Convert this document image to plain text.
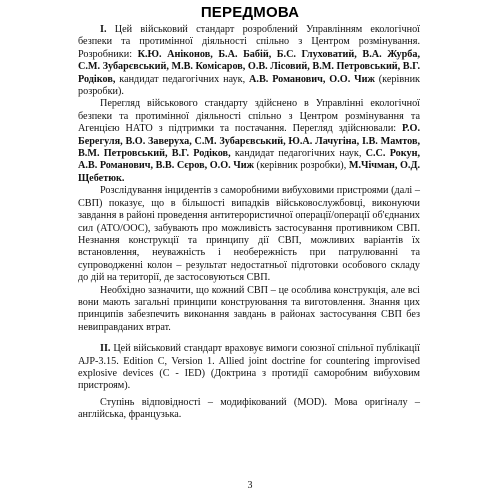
ПЕРЕДМОВА

I. Цей військовий стандарт розроблений Управлінням екологічної безпеки та протимінної діяльності спільно з Центром розмінування. Розробники: К.Ю. Аніконов, Б.А. Бабій, Б.С. Глуховатий, В.А. Журба, С.М. Зубарєвський, М.В. Комісаров, О.В. Лісовий, В.М. Петровський, В.Г. Родіков, кандидат педагогічних наук, А.В. Романович, О.О. Чиж (керівник розробки).

Перегляд військового стандарту здійснено в Управлінні екологічної безпеки та протимінної діяльності спільно з Центром розмінування та Агенцією НАТО з підтримки та постачання. Перегляд здійснювали: Р.О. Берегуля, В.О. Заверуха, С.М. Зубарєвський, Ю.А. Лачугіна, І.В. Мамтов, В.М. Петровський, В.Г. Родіков, кандидат педагогічних наук, С.С. Рокун, А.В. Романович, В.В. Сєров, О.О. Чиж (керівник розробки), М.Чічман, О.Д. Щебетюк.

Розслідування інцидентів з саморобними вибуховими пристроями (далі – СВП) показує, що в більшості випадків військовослужбовці, виконуючи завдання в районі проведення антитерористичної операції/операції об'єднаних сил (АТО/ООС), забувають про можливість застосування противником СВП. Незнання конструкції та принципу дії СВП, можливих варіантів їх встановлення, неуважність і необережність при патрулюванні та супроводженні колон – результат недостатньої підготовки особового складу до дій на території, де застосовуються СВП.

Необхідно зазначити, що кожний СВП – це особлива конструкція, але всі вони мають загальні принципи конструювання та виготовлення. Знання цих принципів забезпечить виконання завдань в районах застосування СВП без невиправданих втрат.

II. Цей військовий стандарт враховує вимоги союзної спільної публікації AJP-3.15. Edition C, Version 1. Allied joint doctrine for countering improvised explosive devices (C - IED) (Доктрина з протидії саморобним вибуховим пристроям).

Ступінь відповідності – модифікований (MOD). Мова оригіналу – англійська, французька.

3
